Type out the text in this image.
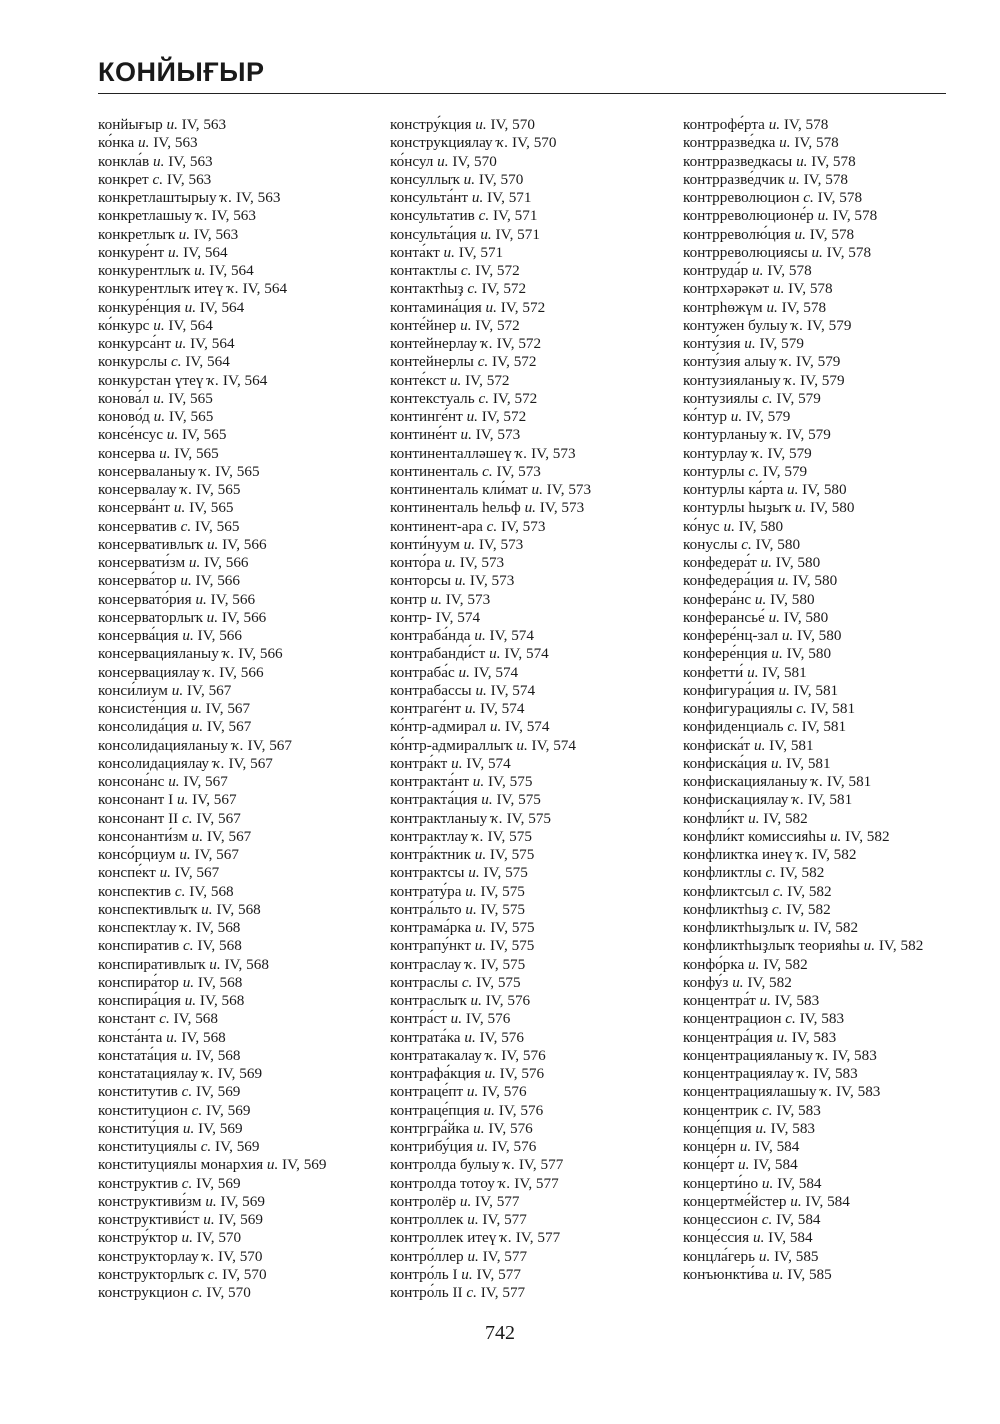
КОНЙЫҒЫР
конйығыр и. IV, 563
ко́нка и. IV, 563
конкла́в и. IV, 563
конкрет с. IV, 563
конкретлаштырыу ҡ. IV, 563
конкретлашыу ҡ. IV, 563
конкретлыҡ и. IV, 563
конкуре́нт и. IV, 564
конкурентлыҡ и. IV, 564
конкурентлыҡ итеү ҡ. IV, 564
конкуре́нция и. IV, 564
ко́нкурс и. IV, 564
конкурса́нт и. IV, 564
конкурслы с. IV, 564
конкурстан үтеү ҡ. IV, 564
конова́л и. IV, 565
коново́д и. IV, 565
консе́нсус и. IV, 565
консерва и. IV, 565
консерваланыу ҡ. IV, 565
консервалау ҡ. IV, 565
консерва́нт и. IV, 565
консерватив с. IV, 565
консервативлыҡ и. IV, 566
консервати́зм и. IV, 566
консерва́тор и. IV, 566
консервато́рия и. IV, 566
консерваторлыҡ и. IV, 566
консерва́ция и. IV, 566
консервацияланыу ҡ. IV, 566
консервациялау ҡ. IV, 566
конси́лиум и. IV, 567
консисте́нция и. IV, 567
консолида́ция и. IV, 567
консолидацияланыу ҡ. IV, 567
консолидациялау ҡ. IV, 567
консона́нс и. IV, 567
консонант I и. IV, 567
консонант II с. IV, 567
консонанти́зм и. IV, 567
консо́рциум и. IV, 567
конспе́кт и. IV, 567
конспектив с. IV, 568
конспективлыҡ и. IV, 568
конспектлау ҡ. IV, 568
конспиратив с. IV, 568
конспиративлыҡ и. IV, 568
конспира́тор и. IV, 568
конспира́ция и. IV, 568
констант с. IV, 568
конста́нта и. IV, 568
констата́ция и. IV, 568
констатациялау ҡ. IV, 569
конститутив с. IV, 569
конституцион с. IV, 569
конститу́ция и. IV, 569
конституциялы с. IV, 569
конституциялы монархия и. IV, 569
конструктив с. IV, 569
конструктиви́зм и. IV, 569
конструктиви́ст и. IV, 569
констру́ктор и. IV, 570
конструкторлау ҡ. IV, 570
конструкторлыҡ с. IV, 570
конструкцион с. IV, 570
констру́кция и. IV, 570
конструкциялау ҡ. IV, 570
ко́нсул и. IV, 570
консуллыҡ и. IV, 570
консульта́нт и. IV, 571
консультатив с. IV, 571
консульта́ция и. IV, 571
конта́кт и. IV, 571
контактлы с. IV, 572
контактһыҙ с. IV, 572
контамина́ция и. IV, 572
конте́йнер и. IV, 572
контейнерлау ҡ. IV, 572
контейнерлы с. IV, 572
конте́кст и. IV, 572
контекстуаль с. IV, 572
континге́нт и. IV, 572
контине́нт и. IV, 573
континенталләшеү ҡ. IV, 573
континенталь с. IV, 573
континенталь кли́мат и. IV, 573
континенталь һельф и. IV, 573
континент-ара с. IV, 573
конти́нуум и. IV, 573
конто́ра и. IV, 573
конторсы и. IV, 573
контр и. IV, 573
контр- IV, 574
контраба́нда и. IV, 574
контрабанди́ст и. IV, 574
контраба́с и. IV, 574
контрабассы и. IV, 574
контраге́нт и. IV, 574
ко́нтр-адмирал и. IV, 574
ко́нтр-адмираллыҡ и. IV, 574
контра́кт и. IV, 574
контракта́нт и. IV, 575
контракта́ция и. IV, 575
контрактланыу ҡ. IV, 575
контрактлау ҡ. IV, 575
контра́ктник и. IV, 575
контрактсы и. IV, 575
контрату́ра и. IV, 575
контра́льто и. IV, 575
контрама́рка и. IV, 575
контрапу́нкт и. IV, 575
контраслау ҡ. IV, 575
контраслы с. IV, 575
контраслыҡ и. IV, 576
контра́ст и. IV, 576
контрата́ка и. IV, 576
контратакалау ҡ. IV, 576
контрафа́кция и. IV, 576
контраце́пт и. IV, 576
контраце́пция и. IV, 576
контргра́йка и. IV, 576
контрибу́ция и. IV, 576
контролда булыу ҡ. IV, 577
контролда тотоу ҡ. IV, 577
контролёр и. IV, 577
контроллек и. IV, 577
контроллек итеү ҡ. IV, 577
контро́ллер и. IV, 577
контро́ль I и. IV, 577
контро́ль II с. IV, 577
контрофе́рта и. IV, 578
контрразве́дка и. IV, 578
контрразведкасы и. IV, 578
контрразве́дчик и. IV, 578
контрреволюцион с. IV, 578
контрреволюционе́р и. IV, 578
контрреволю́ция и. IV, 578
контрреволюциясы и. IV, 578
контруда́р и. IV, 578
контрхәрәкәт и. IV, 578
контрһөжүм и. IV, 578
контужен булыу ҡ. IV, 579
конту́зия и. IV, 579
конту́зия алыу ҡ. IV, 579
контузияланыу ҡ. IV, 579
контузиялы с. IV, 579
ко́нтур и. IV, 579
контурланыу ҡ. IV, 579
контурлау ҡ. IV, 579
контурлы с. IV, 579
контурлы ка́рта и. IV, 580
контурлы һыҙыҡ и. IV, 580
ко́нус и. IV, 580
конуслы с. IV, 580
конфедера́т и. IV, 580
конфедера́ция и. IV, 580
конфера́нс и. IV, 580
конферансье́ и. IV, 580
конфере́нц-зал и. IV, 580
конфере́нция и. IV, 580
конфетти́ и. IV, 581
конфигура́ция и. IV, 581
конфигурациялы с. IV, 581
конфиденциаль с. IV, 581
конфиска́т и. IV, 581
конфиска́ция и. IV, 581
конфискацияланыу ҡ. IV, 581
конфискациялау ҡ. IV, 581
конфли́кт и. IV, 582
конфли́кт комиссияһы и. IV, 582
конфликтка инеү ҡ. IV, 582
конфликтлы с. IV, 582
конфликтсыл с. IV, 582
конфликтһыҙ с. IV, 582
конфликтһыҙлыҡ и. IV, 582
конфликтһыҙлыҡ теорияһы и. IV, 582
конфо́рка и. IV, 582
конфу́з и. IV, 582
концентра́т и. IV, 583
концентрацион с. IV, 583
концентра́ция и. IV, 583
концентрацияланыу ҡ. IV, 583
концентрациялау ҡ. IV, 583
концентрациялашыу ҡ. IV, 583
концентрик с. IV, 583
конце́пция и. IV, 583
конце́рн и. IV, 584
конце́рт и. IV, 584
концерти́но и. IV, 584
концертме́йстер и. IV, 584
концессион с. IV, 584
конце́ссия и. IV, 584
концла́герь и. IV, 585
конъюнкти́ва и. IV, 585
742
